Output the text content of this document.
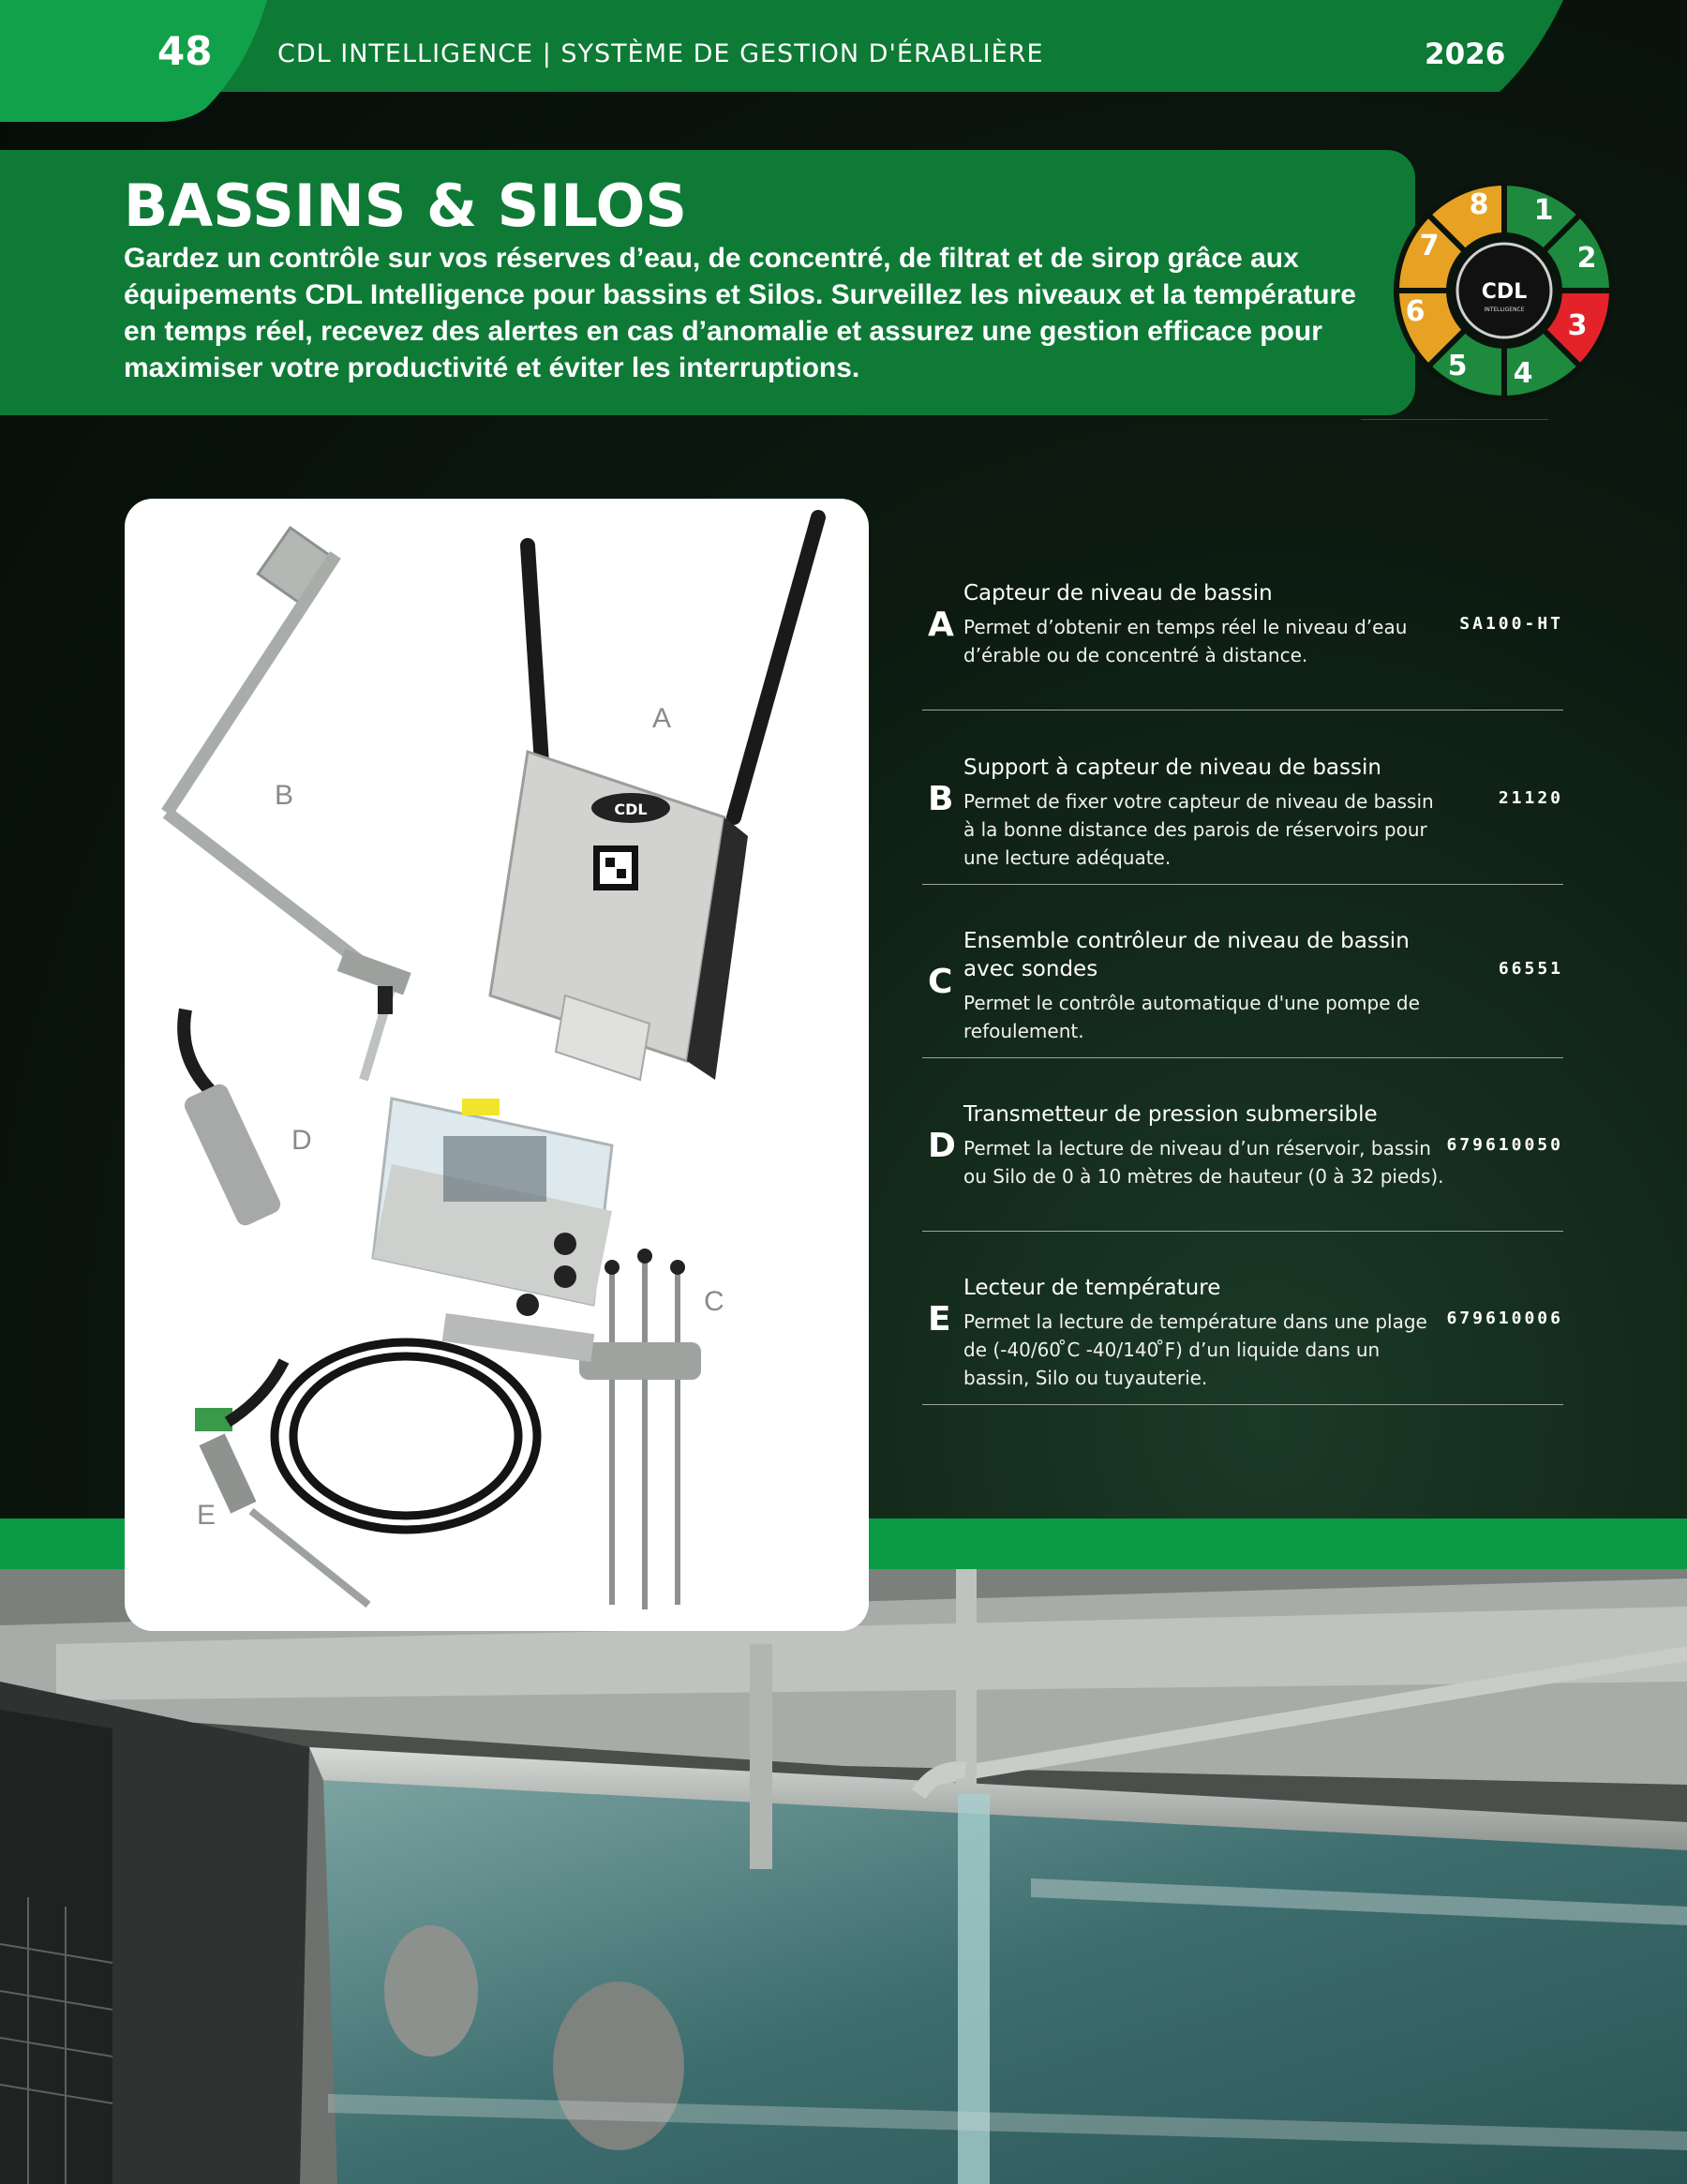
48	CDL INTELLIGENCE | SYSTÈME DE GESTION D'ÉRABLIÈRE	2026
BASSINS & SILOS
Gardez un contrôle sur vos réserves d’eau, de concentré, de filtrat et de sirop grâce aux équipements CDL Intelligence pour bassins et Silos. Surveillez les niveaux et la température en temps réel, recevez des alertes en cas d’anomalie et assurez une gestion efficace pour maximiser votre productivité et éviter les interruptions.
CDL
INTELLIGENCE
1
2
3
4
5
6
7
8
CDL
A
B
C
D
E
A
Capteur de niveau de bassin
Permet d’obtenir en temps réel le niveau d’eau d’érable ou de concentré à distance.
SA100-HT
B
Support à capteur de niveau de bassin
Permet de fixer votre capteur de niveau de bassin à la bonne distance des parois de réservoirs pour une lecture adéquate.
21120
C
Ensemble contrôleur de niveau de bassin avec sondes
Permet le contrôle automatique d'une pompe de refoulement.
66551
D
Transmetteur de pression submersible
Permet la lecture de niveau d’un réservoir, bassin ou Silo de 0 à 10 mètres de hauteur (0 à 32 pieds).
679610050
E
Lecteur de température
Permet la lecture de température dans une plage de (-40/60 ̊C -40/140 ̊F) d’un liquide dans un bassin, Silo ou tuyauterie.
679610006
